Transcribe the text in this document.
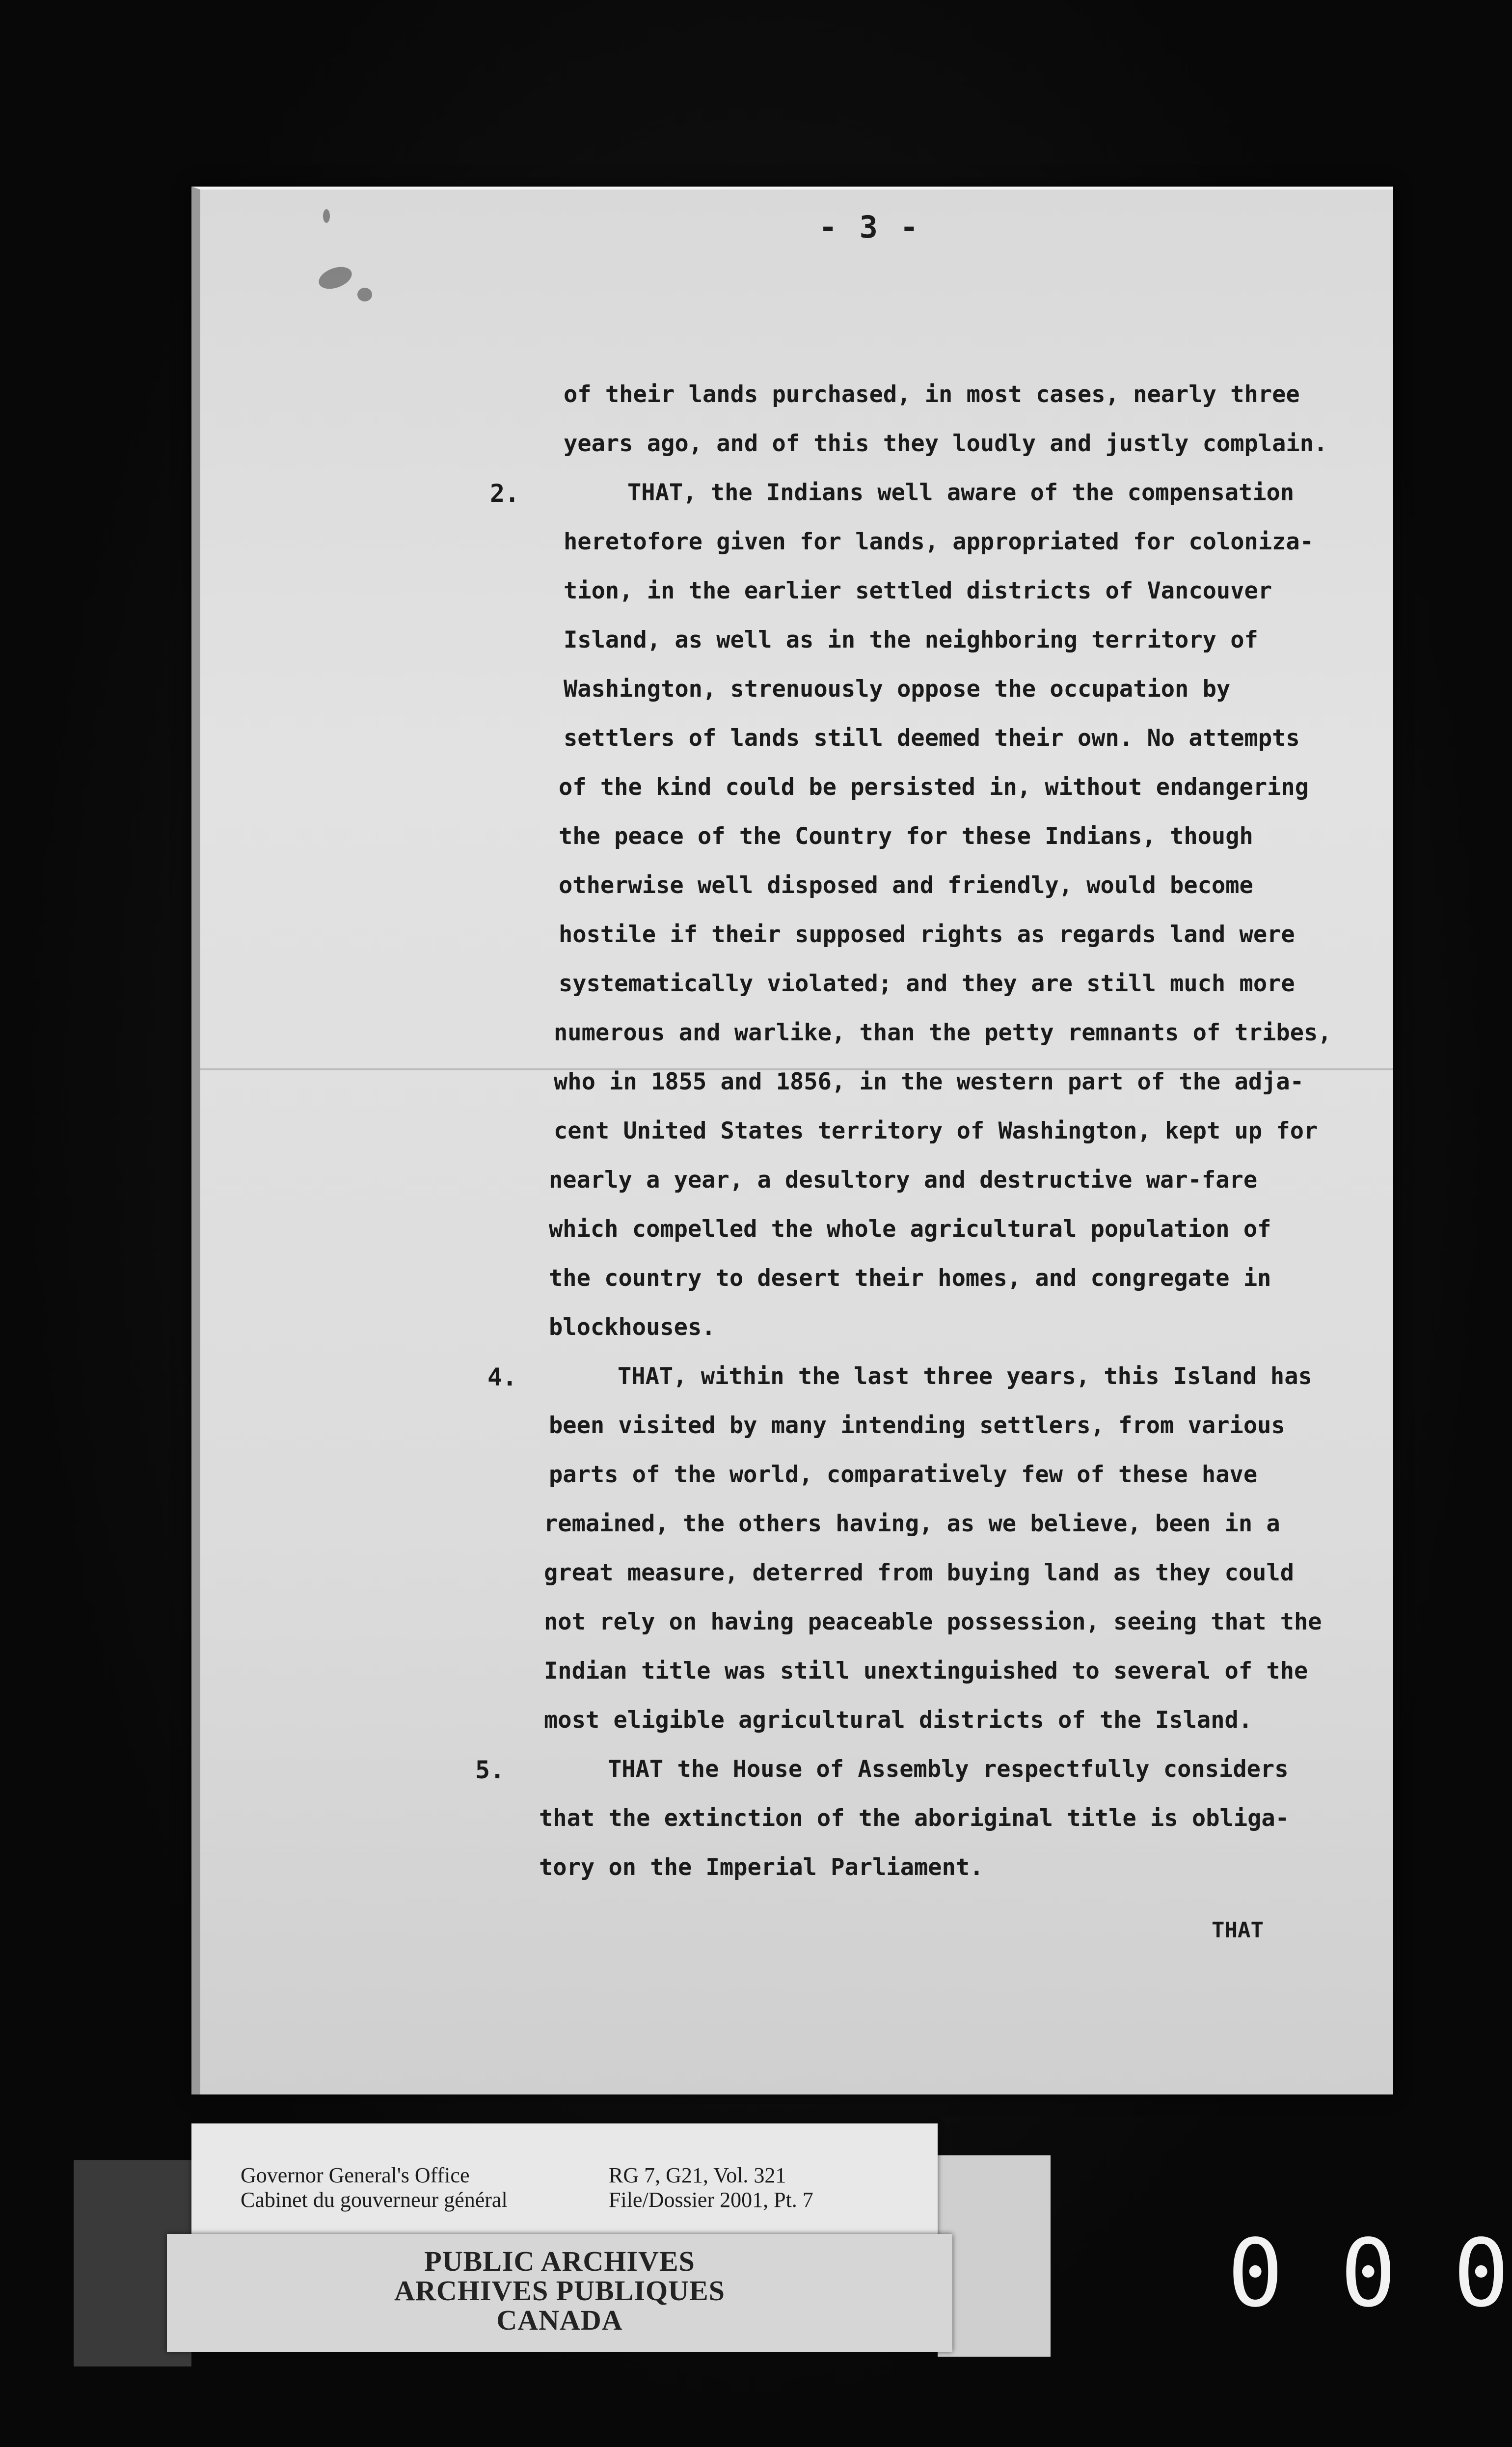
- 3 -
of their lands purchased, in most cases, nearly three
years ago, and of this they loudly and justly complain.
2.	THAT, the Indians well aware of the compensation
heretofore given for lands, appropriated for coloniza-
tion, in the earlier settled districts of Vancouver
Island, as well as in the neighboring territory of
Washington, strenuously oppose the occupation by
settlers of lands still deemed their own. No attempts
of the kind could be persisted in, without endangering
the peace of the Country for these Indians, though
otherwise well disposed and friendly, would become
hostile if their supposed rights as regards land were
systematically violated; and they are still much more
numerous and warlike, than the petty remnants of tribes,
who in 1855 and 1856, in the western part of the adja-
cent United States territory of Washington, kept up for
nearly a year, a desultory and destructive war-fare
which compelled the whole agricultural population of
the country to desert their homes, and congregate in
blockhouses.
4.	THAT, within the last three years, this Island has
been visited by many intending settlers, from various
parts of the world, comparatively few of these have
remained, the others having, as we believe, been in a
great measure, deterred from buying land as they could
not rely on having peaceable possession, seeing that the
Indian title was still unextinguished to several of the
most eligible agricultural districts of the Island.
5.	THAT the House of Assembly respectfully considers
that the extinction of the aboriginal title is obliga-
tory on the Imperial Parliament.
THAT
Governor General's Office
Cabinet du gouverneur général
RG 7, G21, Vol. 321
File/Dossier 2001, Pt. 7
PUBLIC ARCHIVES
ARCHIVES PUBLIQUES
CANADA	0 0 0
